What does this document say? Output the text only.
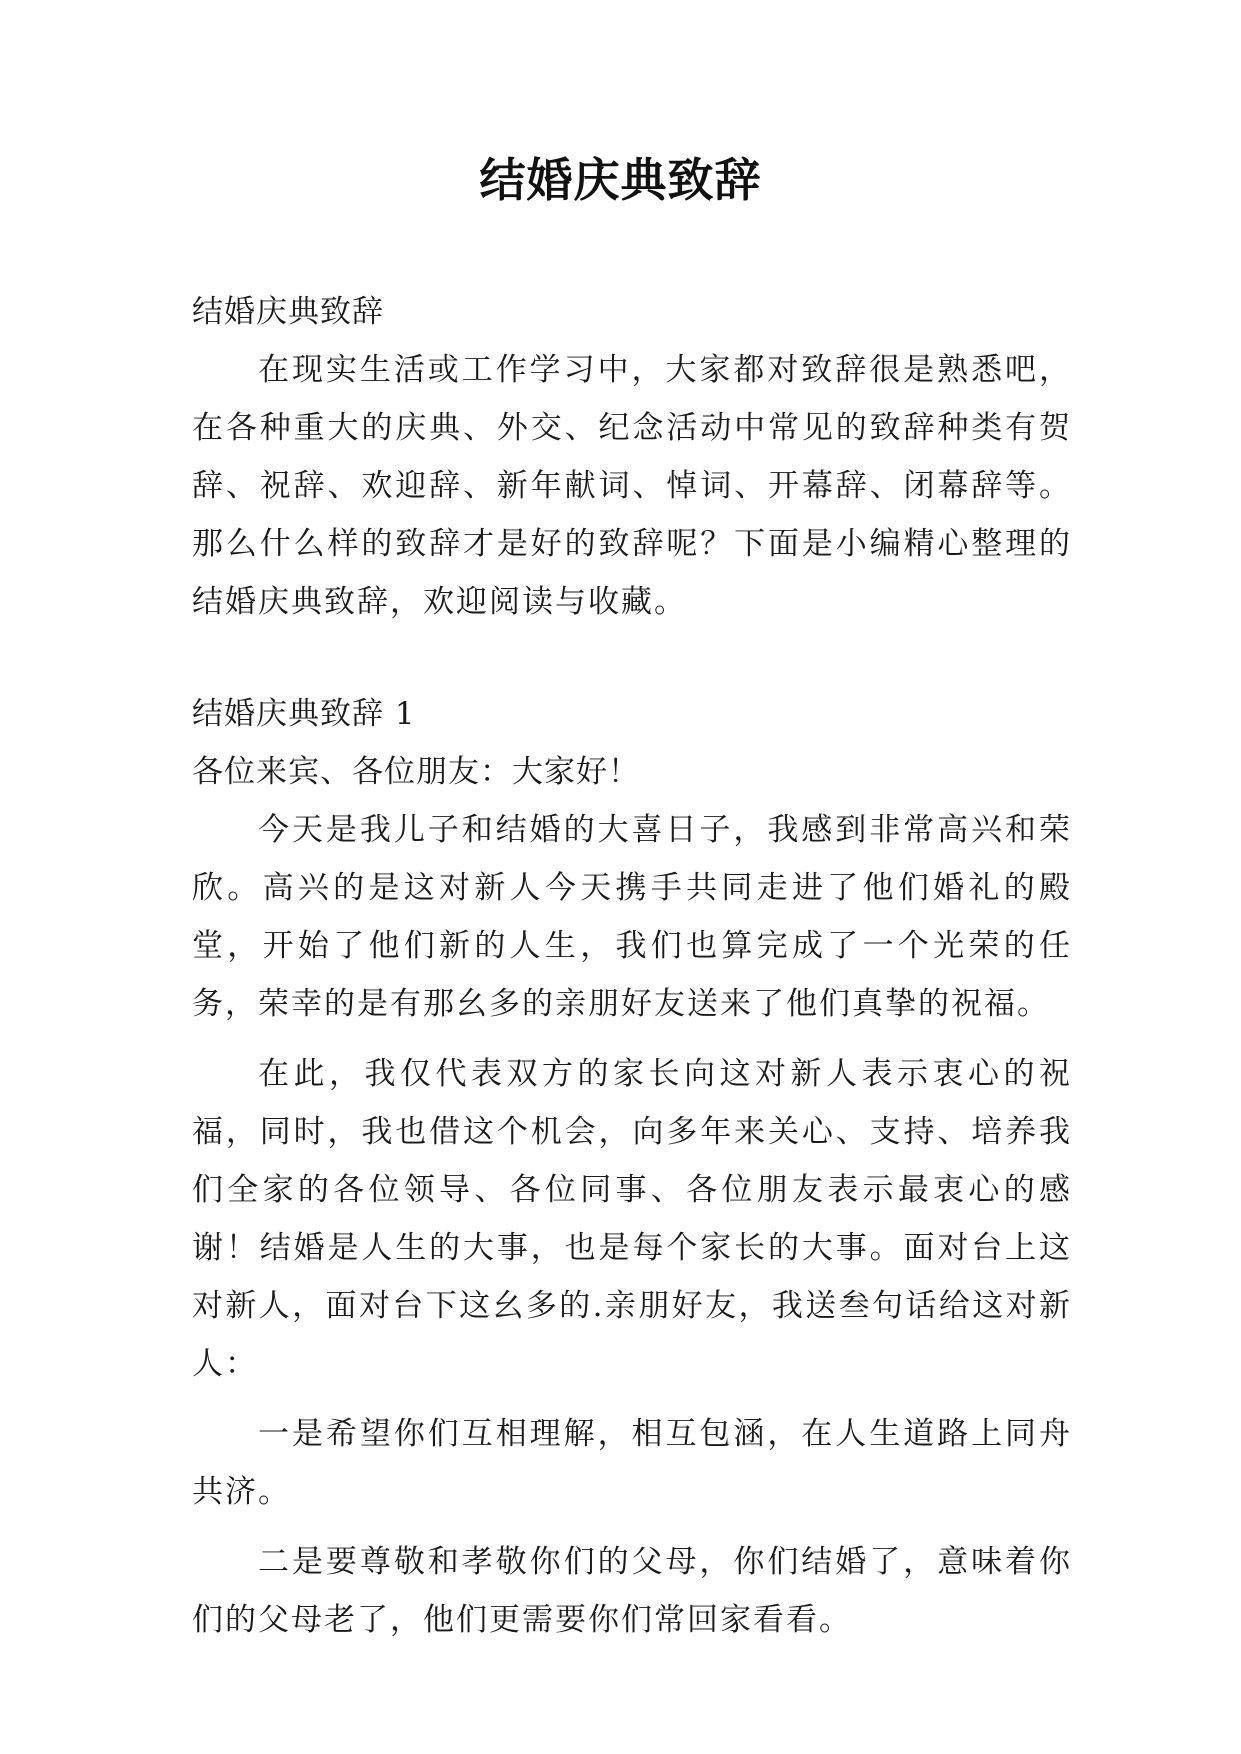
结婚庆典致辞

结婚庆典致辞

在现实生活或工作学习中，大家都对致辞很是熟悉吧，在各种重大的庆典、外交、纪念活动中常见的致辞种类有贺辞、祝辞、欢迎辞、新年献词、悼词、开幕辞、闭幕辞等。那么什么样的致辞才是好的致辞呢？下面是小编精心整理的结婚庆典致辞，欢迎阅读与收藏。

结婚庆典致辞 1

各位来宾、各位朋友：大家好！

今天是我儿子和结婚的大喜日子，我感到非常高兴和荣欣。高兴的是这对新人今天携手共同走进了他们婚礼的殿堂，开始了他们新的人生，我们也算完成了一个光荣的任务，荣幸的是有那幺多的亲朋好友送来了他们真挚的祝福。

在此，我仅代表双方的家长向这对新人表示衷心的祝福，同时，我也借这个机会，向多年来关心、支持、培养我们全家的各位领导、各位同事、各位朋友表示最衷心的感谢！结婚是人生的大事，也是每个家长的大事。面对台上这对新人，面对台下这幺多的.亲朋好友，我送叁句话给这对新人：

一是希望你们互相理解，相互包涵，在人生道路上同舟共济。

二是要尊敬和孝敬你们的父母，你们结婚了，意味着你们的父母老了，他们更需要你们常回家看看。
